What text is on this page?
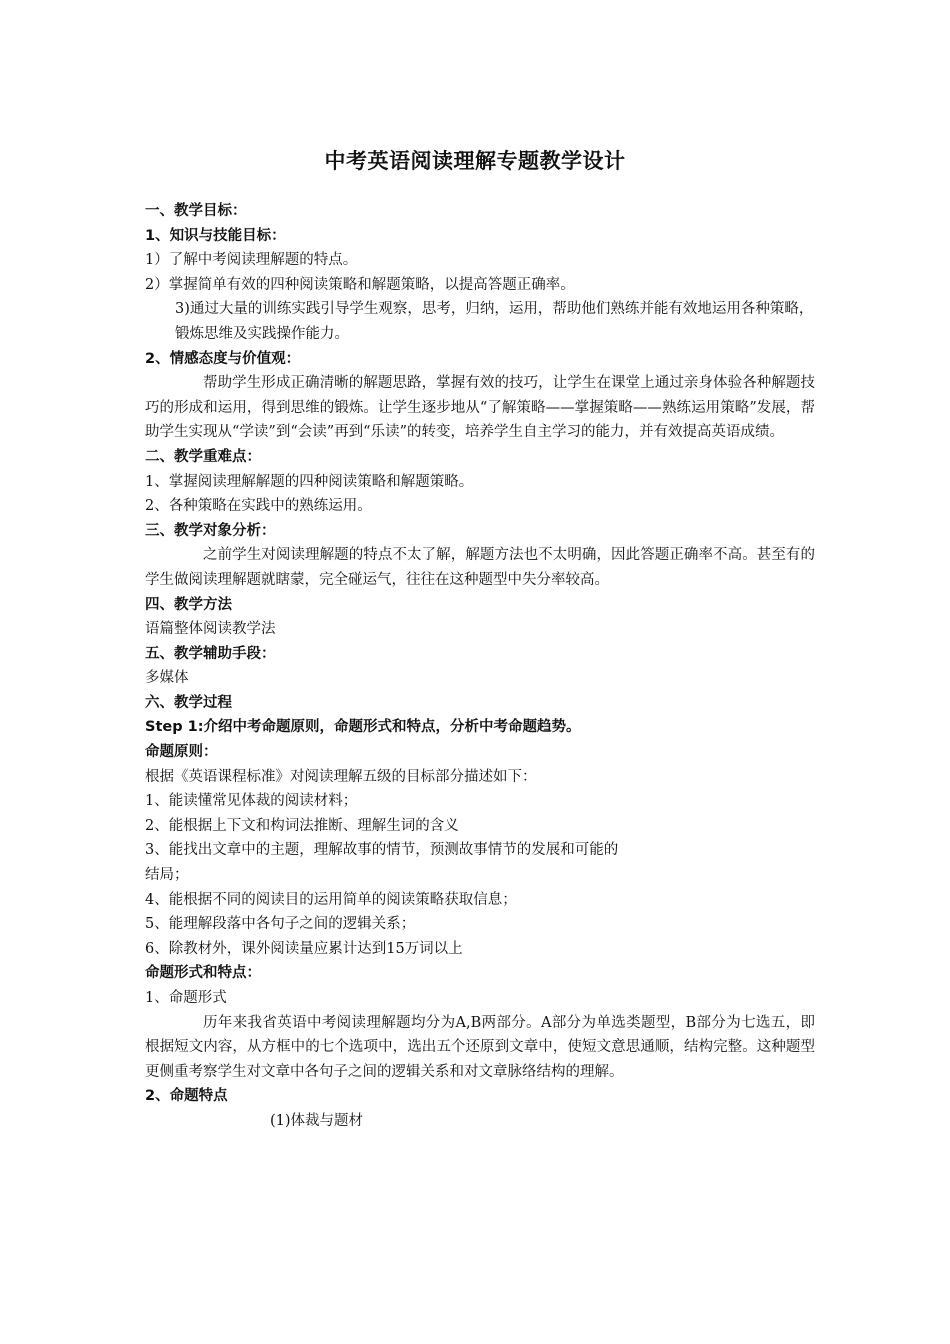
中考英语阅读理解专题教学设计
一、教学目标：
1、知识与技能目标：
1）了解中考阅读理解题的特点。
2）掌握简单有效的四种阅读策略和解题策略，以提高答题正确率。
3)通过大量的训练实践引导学生观察，思考，归纳，运用，帮助他们熟练并能有效地运用各种策略，锻炼思维及实践操作能力。
2、情感态度与价值观：
帮助学生形成正确清晰的解题思路，掌握有效的技巧，让学生在课堂上通过亲身体验各种解题技巧的形成和运用，得到思维的锻炼。让学生逐步地从“了解策略——掌握策略——熟练运用策略”发展，帮助学生实现从“学读”到“会读”再到“乐读”的转变，培养学生自主学习的能力，并有效提高英语成绩。
二、教学重难点：
1、掌握阅读理解解题的四种阅读策略和解题策略。
2、各种策略在实践中的熟练运用。
三、教学对象分析：
之前学生对阅读理解题的特点不太了解，解题方法也不太明确，因此答题正确率不高。甚至有的学生做阅读理解题就瞎蒙，完全碰运气，往往在这种题型中失分率较高。
四、教学方法
语篇整体阅读教学法
五、教学辅助手段：
多媒体
六、教学过程
Step 1:介绍中考命题原则，命题形式和特点，分析中考命题趋势。
命题原则：
根据《英语课程标准》对阅读理解五级的目标部分描述如下：
1、能读懂常见体裁的阅读材料；
2、能根据上下文和构词法推断、理解生词的含义
3、能找出文章中的主题，理解故事的情节，预测故事情节的发展和可能的
结局；
4、能根据不同的阅读目的运用简单的阅读策略获取信息；
5、能理解段落中各句子之间的逻辑关系；
6、除教材外，课外阅读量应累计达到15万词以上
命题形式和特点：
1、命题形式
历年来我省英语中考阅读理解题均分为A,B两部分。A部分为单选类题型，B部分为七选五，即根据短文内容，从方框中的七个选项中，选出五个还原到文章中，使短文意思通顺，结构完整。这种题型更侧重考察学生对文章中各句子之间的逻辑关系和对文章脉络结构的理解。
2、命题特点
(1)体裁与题材
